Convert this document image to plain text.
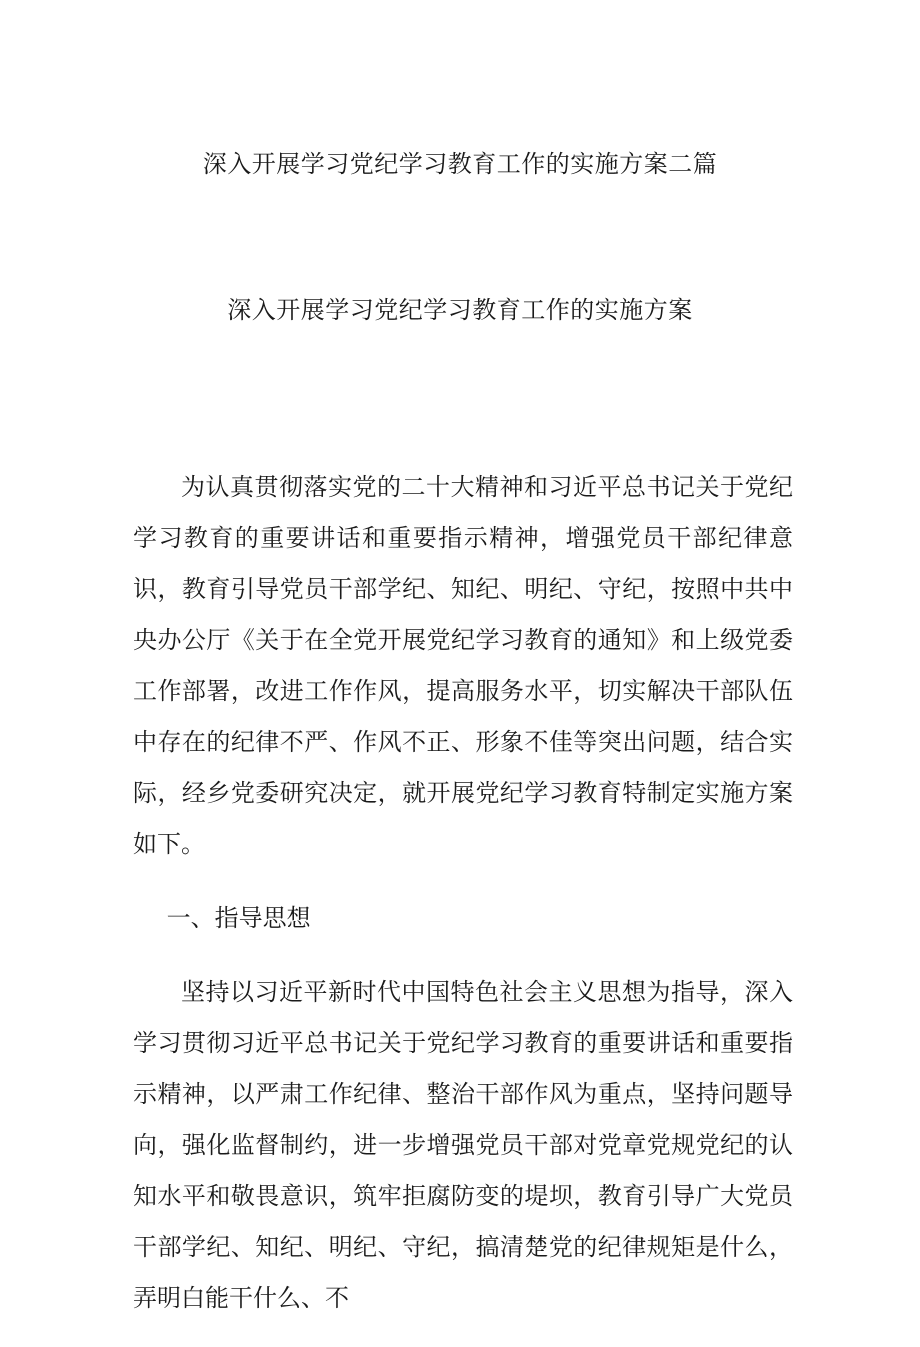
深入开展学习党纪学习教育工作的实施方案二篇
深入开展学习党纪学习教育工作的实施方案

为认真贯彻落实党的二十大精神和习近平总书记关于党纪学习教育的重要讲话和重要指示精神，增强党员干部纪律意识，教育引导党员干部学纪、知纪、明纪、守纪，按照中共中央办公厅《关于在全党开展党纪学习教育的通知》和上级党委工作部署，改进工作作风，提高服务水平，切实解决干部队伍中存在的纪律不严、作风不正、形象不佳等突出问题，结合实际，经乡党委研究决定，就开展党纪学习教育特制定实施方案如下。

一、指导思想

坚持以习近平新时代中国特色社会主义思想为指导，深入学习贯彻习近平总书记关于党纪学习教育的重要讲话和重要指示精神，以严肃工作纪律、整治干部作风为重点，坚持问题导向，强化监督制约，进一步增强党员干部对党章党规党纪的认知水平和敬畏意识，筑牢拒腐防变的堤坝，教育引导广大党员干部学纪、知纪、明纪、守纪，搞清楚党的纪律规矩是什么，弄明白能干什么、不
